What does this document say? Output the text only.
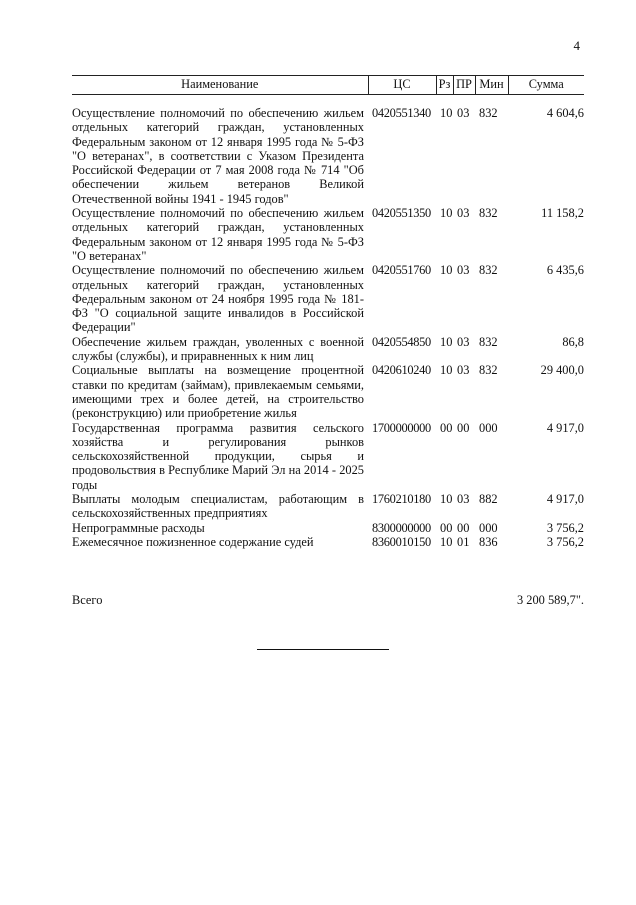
4
Наименование	ЦС	Рз	ПР	Мин	Сумма
Осуществление полномочий по обеспечению жильем отдельных категорий граждан, установленных Федеральным законом от 12 января 1995 года № 5-ФЗ "О ветеранах", в соответствии с Указом Президента Российской Федерации от 7 мая 2008 года № 714 "Об обеспечении жильем ветеранов Великой Отечественной войны 1941 - 1945 годов"	0420551340	10	03	832	4 604,6
Осуществление полномочий по обеспечению жильем отдельных категорий граждан, установленных Федеральным законом от 12 января 1995 года № 5-ФЗ "О ветеранах"	0420551350	10	03	832	11 158,2
Осуществление полномочий по обеспечению жильем отдельных категорий граждан, установленных Федеральным законом от 24 ноября 1995 года № 181-ФЗ "О социальной защите инвалидов в Российской Федерации"	0420551760	10	03	832	6 435,6
Обеспечение жильем граждан, уволенных с военной службы (службы), и приравненных к ним лиц	0420554850	10	03	832	86,8
Социальные выплаты на возмещение процентной ставки по кредитам (займам), привлекаемым семьями, имеющими трех и более детей, на строительство (реконструкцию) или приобретение жилья	0420610240	10	03	832	29 400,0
Государственная программа развития сельского хозяйства и регулирования рынков сельскохозяйственной продукции, сырья и продовольствия в Республике Марий Эл на 2014 - 2025 годы	1700000000	00	00	000	4 917,0
Выплаты молодым специалистам, работающим в сельскохозяйственных предприятиях	1760210180	10	03	882	4 917,0
Непрограммные расходы	8300000000	00	00	000	3 756,2
Ежемесячное пожизненное содержание судей	8360010150	10	01	836	3 756,2
Всего	3 200 589,7".
